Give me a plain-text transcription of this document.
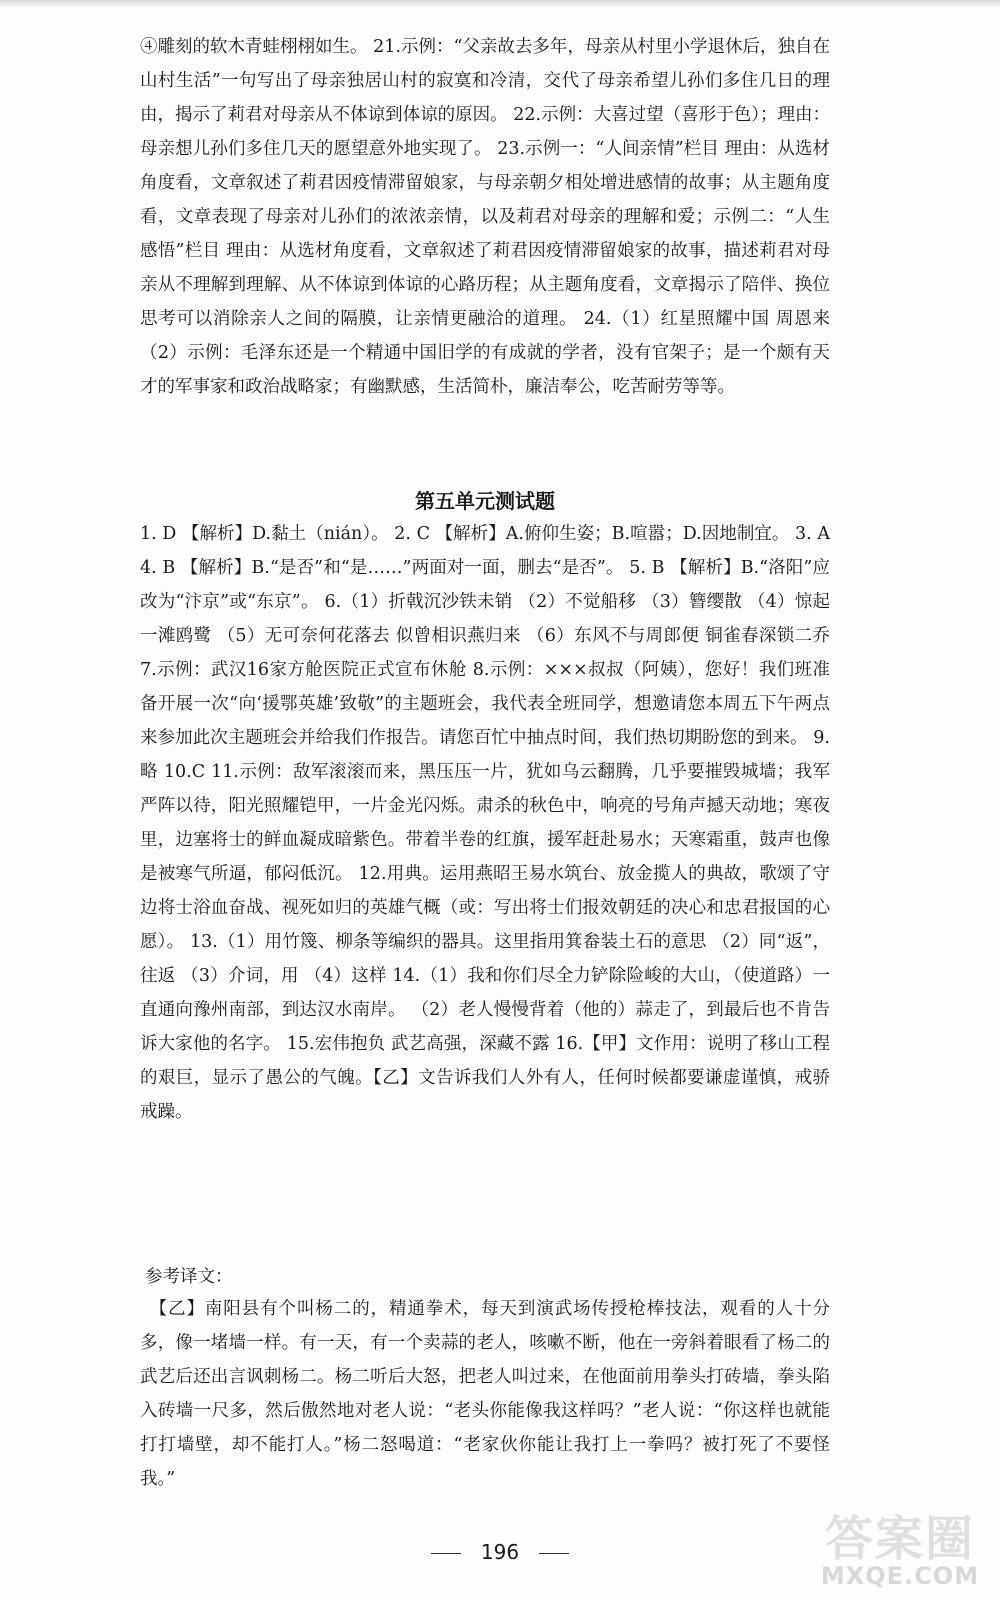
④雕刻的软木青蛙栩栩如生。 21.示例：“父亲故去多年，母亲从村里小学退休后，独自在山村生活”一句写出了母亲独居山村的寂寞和冷清，交代了母亲希望儿孙们多住几日的理由，揭示了莉君对母亲从不体谅到体谅的原因。 22.示例：大喜过望（喜形于色）；理由：母亲想儿孙们多住几天的愿望意外地实现了。 23.示例一：“人间亲情”栏目 理由：从选材角度看，文章叙述了莉君因疫情滞留娘家，与母亲朝夕相处增进感情的故事；从主题角度看，文章表现了母亲对儿孙们的浓浓亲情，以及莉君对母亲的理解和爱；示例二：“人生感悟”栏目 理由：从选材角度看，文章叙述了莉君因疫情滞留娘家的故事，描述莉君对母亲从不理解到理解、从不体谅到体谅的心路历程；从主题角度看，文章揭示了陪伴、换位思考可以消除亲人之间的隔膜，让亲情更融洽的道理。 24.（1）红星照耀中国 周恩来 （2）示例：毛泽东还是一个精通中国旧学的有成就的学者，没有官架子；是一个颇有天才的军事家和政治战略家；有幽默感，生活简朴，廉洁奉公，吃苦耐劳等等。
第五单元测试题
1. D 【解析】D.黏土（nián）。 2. C 【解析】A.俯仰生姿；B.喧嚣；D.因地制宜。 3. A 4. B 【解析】B.“是否”和“是……”两面对一面，删去“是否”。 5. B 【解析】B.“洛阳”应改为“汴京”或“东京”。 6.（1）折戟沉沙铁未销 （2）不觉船移 （3）簪缨散 （4）惊起一滩鸥鹭 （5）无可奈何花落去 似曾相识燕归来 （6）东风不与周郎便 铜雀春深锁二乔 7.示例：武汉16家方舱医院正式宣布休舱 8.示例：×××叔叔（阿姨），您好！我们班准备开展一次“向‘援鄂英雄’致敬”的主题班会，我代表全班同学，想邀请您本周五下午两点来参加此次主题班会并给我们作报告。请您百忙中抽点时间，我们热切期盼您的到来。 9.略 10.C 11.示例：敌军滚滚而来，黑压压一片，犹如乌云翻腾，几乎要摧毁城墙；我军严阵以待，阳光照耀铠甲，一片金光闪烁。肃杀的秋色中，响亮的号角声撼天动地；寒夜里，边塞将士的鲜血凝成暗紫色。带着半卷的红旗，援军赶赴易水；天寒霜重，鼓声也像是被寒气所逼，郁闷低沉。 12.用典。运用燕昭王易水筑台、放金揽人的典故，歌颂了守边将士浴血奋战、视死如归的英雄气概（或：写出将士们报效朝廷的决心和忠君报国的心愿）。 13.（1）用竹篾、柳条等编织的器具。这里指用箕畚装土石的意思 （2）同“返”，往返 （3）介词，用 （4）这样 14.（1）我和你们尽全力铲除险峻的大山，（使道路）一直通向豫州南部，到达汉水南岸。 （2）老人慢慢背着（他的）蒜走了，到最后也不肯告诉大家他的名字。 15.宏伟抱负 武艺高强，深藏不露 16.【甲】文作用：说明了移山工程的艰巨，显示了愚公的气魄。【乙】文告诉我们人外有人，任何时候都要谦虚谨慎，戒骄戒躁。
参考译文：
　【乙】南阳县有个叫杨二的，精通拳术，每天到演武场传授枪棒技法，观看的人十分多，像一堵墙一样。有一天，有一个卖蒜的老人，咳嗽不断，他在一旁斜着眼看了杨二的武艺后还出言讽刺杨二。杨二听后大怒，把老人叫过来，在他面前用拳头打砖墙，拳头陷入砖墙一尺多，然后傲然地对老人说：“老头你能像我这样吗？”老人说：“你这样也就能打打墙壁，却不能打人。”杨二怒喝道：“老家伙你能让我打上一拳吗？被打死了不要怪我。”
196	答案圈
MXQE.COM
